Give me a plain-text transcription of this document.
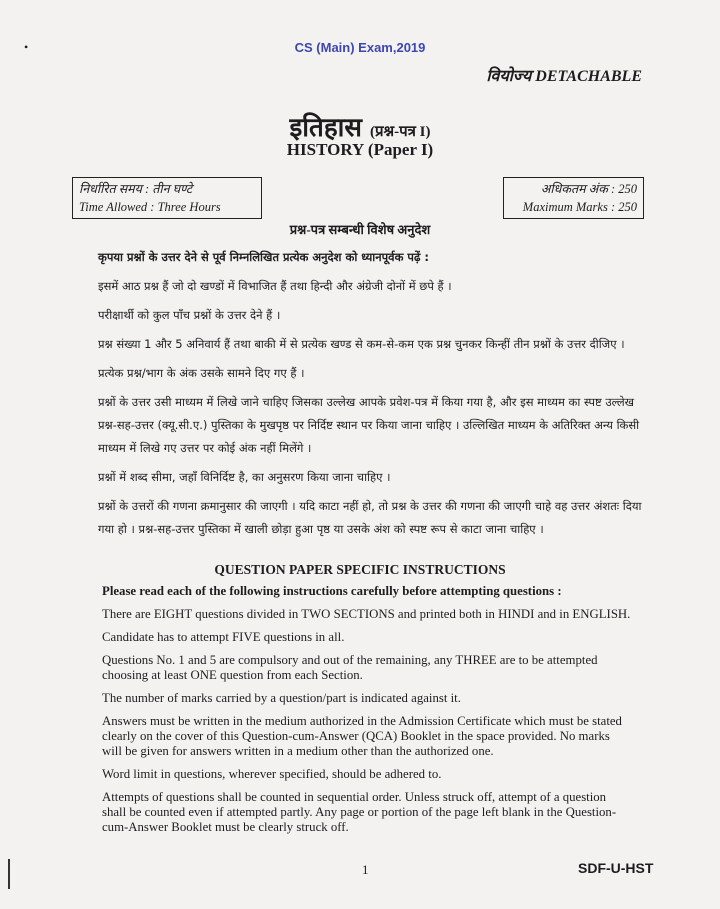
•	CS (Main) Exam,2019
वियोज्य DETACHABLE
इतिहास (प्रश्न-पत्र I)
HISTORY (Paper I)
निर्धारित समय : तीन घण्टे
Time Allowed : Three Hours
अधिकतम अंक : 250
Maximum Marks : 250
प्रश्न-पत्र सम्बन्धी विशेष अनुदेश

कृपया प्रश्नों के उत्तर देने से पूर्व निम्नलिखित प्रत्येक अनुदेश को ध्यानपूर्वक पढ़ें :

इसमें आठ प्रश्न हैं जो दो खण्डों में विभाजित हैं तथा हिन्दी और अंग्रेजी दोनों में छपे हैं ।

परीक्षार्थी को कुल पाँच प्रश्नों के उत्तर देने हैं ।

प्रश्न संख्या 1 और 5 अनिवार्य हैं तथा बाकी में से प्रत्येक खण्ड से कम-से-कम एक प्रश्न चुनकर किन्हीं तीन प्रश्नों के उत्तर दीजिए ।

प्रत्येक प्रश्न/भाग के अंक उसके सामने दिए गए हैं ।

प्रश्नों के उत्तर उसी माध्यम में लिखे जाने चाहिए जिसका उल्लेख आपके प्रवेश-पत्र में किया गया है, और इस माध्यम का स्पष्ट उल्लेख प्रश्न-सह-उत्तर (क्यू.सी.ए.) पुस्तिका के मुखपृष्ठ पर निर्दिष्ट स्थान पर किया जाना चाहिए । उल्लिखित माध्यम के अतिरिक्त अन्य किसी माध्यम में लिखे गए उत्तर पर कोई अंक नहीं मिलेंगे ।

प्रश्नों में शब्द सीमा, जहाँ विनिर्दिष्ट है, का अनुसरण किया जाना चाहिए ।

प्रश्नों के उत्तरों की गणना क्रमानुसार की जाएगी । यदि काटा नहीं हो, तो प्रश्न के उत्तर की गणना की जाएगी चाहे वह उत्तर अंशतः दिया गया हो । प्रश्न-सह-उत्तर पुस्तिका में खाली छोड़ा हुआ पृष्ठ या उसके अंश को स्पष्ट रूप से काटा जाना चाहिए ।

QUESTION PAPER SPECIFIC INSTRUCTIONS

Please read each of the following instructions carefully before attempting questions :

There are EIGHT questions divided in TWO SECTIONS and printed both in HINDI and in ENGLISH.

Candidate has to attempt FIVE questions in all.

Questions No. 1 and 5 are compulsory and out of the remaining, any THREE are to be attempted choosing at least ONE question from each Section.

The number of marks carried by a question/part is indicated against it.

Answers must be written in the medium authorized in the Admission Certificate which must be stated clearly on the cover of this Question-cum-Answer (QCA) Booklet in the space provided. No marks will be given for answers written in a medium other than the authorized one.

Word limit in questions, wherever specified, should be adhered to.

Attempts of questions shall be counted in sequential order. Unless struck off, attempt of a question shall be counted even if attempted partly. Any page or portion of the page left blank in the Question-cum-Answer Booklet must be clearly struck off.

1	SDF-U-HST
